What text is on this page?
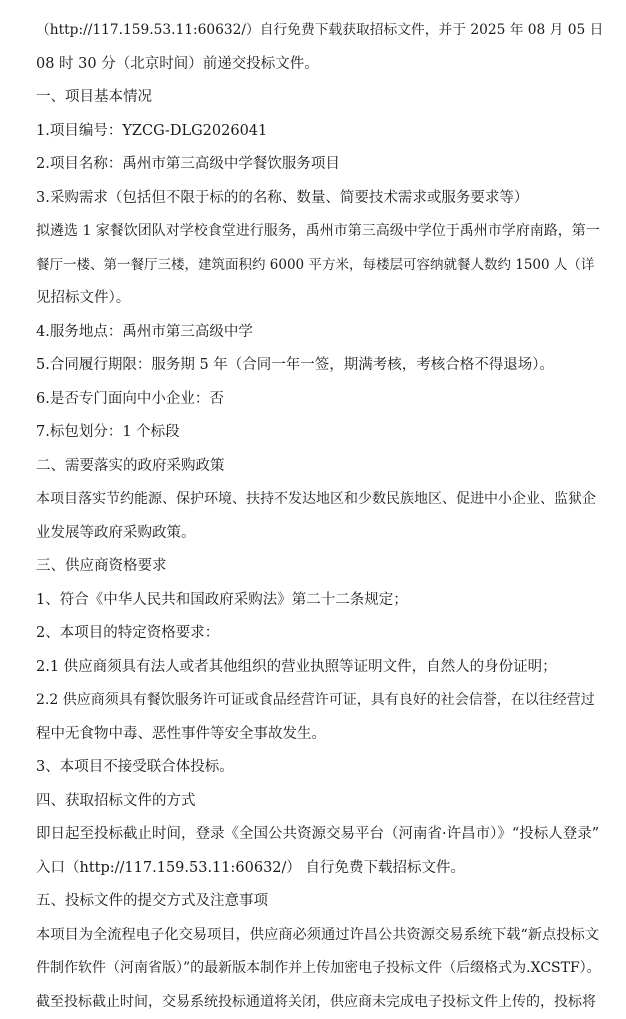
（http://117.159.53.11:60632/）自行免费下载获取招标文件，并于 2025 年 08 月 05 日

08 时 30 分（北京时间）前递交投标文件。

一、项目基本情况

1.项目编号：YZCG-DLG2026041

2.项目名称：禹州市第三高级中学餐饮服务项目

3.采购需求（包括但不限于标的的名称、数量、简要技术需求或服务要求等）

拟遴选 1 家餐饮团队对学校食堂进行服务，禹州市第三高级中学位于禹州市学府南路，第一

餐厅一楼、第一餐厅三楼，建筑面积约 6000 平方米，每楼层可容纳就餐人数约 1500 人（详

见招标文件）。

4.服务地点：禹州市第三高级中学

5.合同履行期限：服务期 5 年（合同一年一签，期满考核，考核合格不得退场）。

6.是否专门面向中小企业：否

7.标包划分：1 个标段

二、需要落实的政府采购政策

本项目落实节约能源、保护环境、扶持不发达地区和少数民族地区、促进中小企业、监狱企

业发展等政府采购政策。

三、供应商资格要求

1、符合《中华人民共和国政府采购法》第二十二条规定；

2、本项目的特定资格要求：

2.1 供应商须具有法人或者其他组织的营业执照等证明文件，自然人的身份证明；

2.2 供应商须具有餐饮服务许可证或食品经营许可证，具有良好的社会信誉，在以往经营过

程中无食物中毒、恶性事件等安全事故发生。

3、本项目不接受联合体投标。

四、获取招标文件的方式

即日起至投标截止时间，登录《全国公共资源交易平台（河南省·许昌市）》“投标人登录”

入口（http://117.159.53.11:60632/） 自行免费下载招标文件。

五、投标文件的提交方式及注意事项

本项目为全流程电子化交易项目，供应商必须通过许昌公共资源交易系统下载“新点投标文

件制作软件（河南省版）”的最新版本制作并上传加密电子投标文件（后缀格式为.XCSTF）。

截至投标截止时间，交易系统投标通道将关闭，供应商未完成电子投标文件上传的，投标将
